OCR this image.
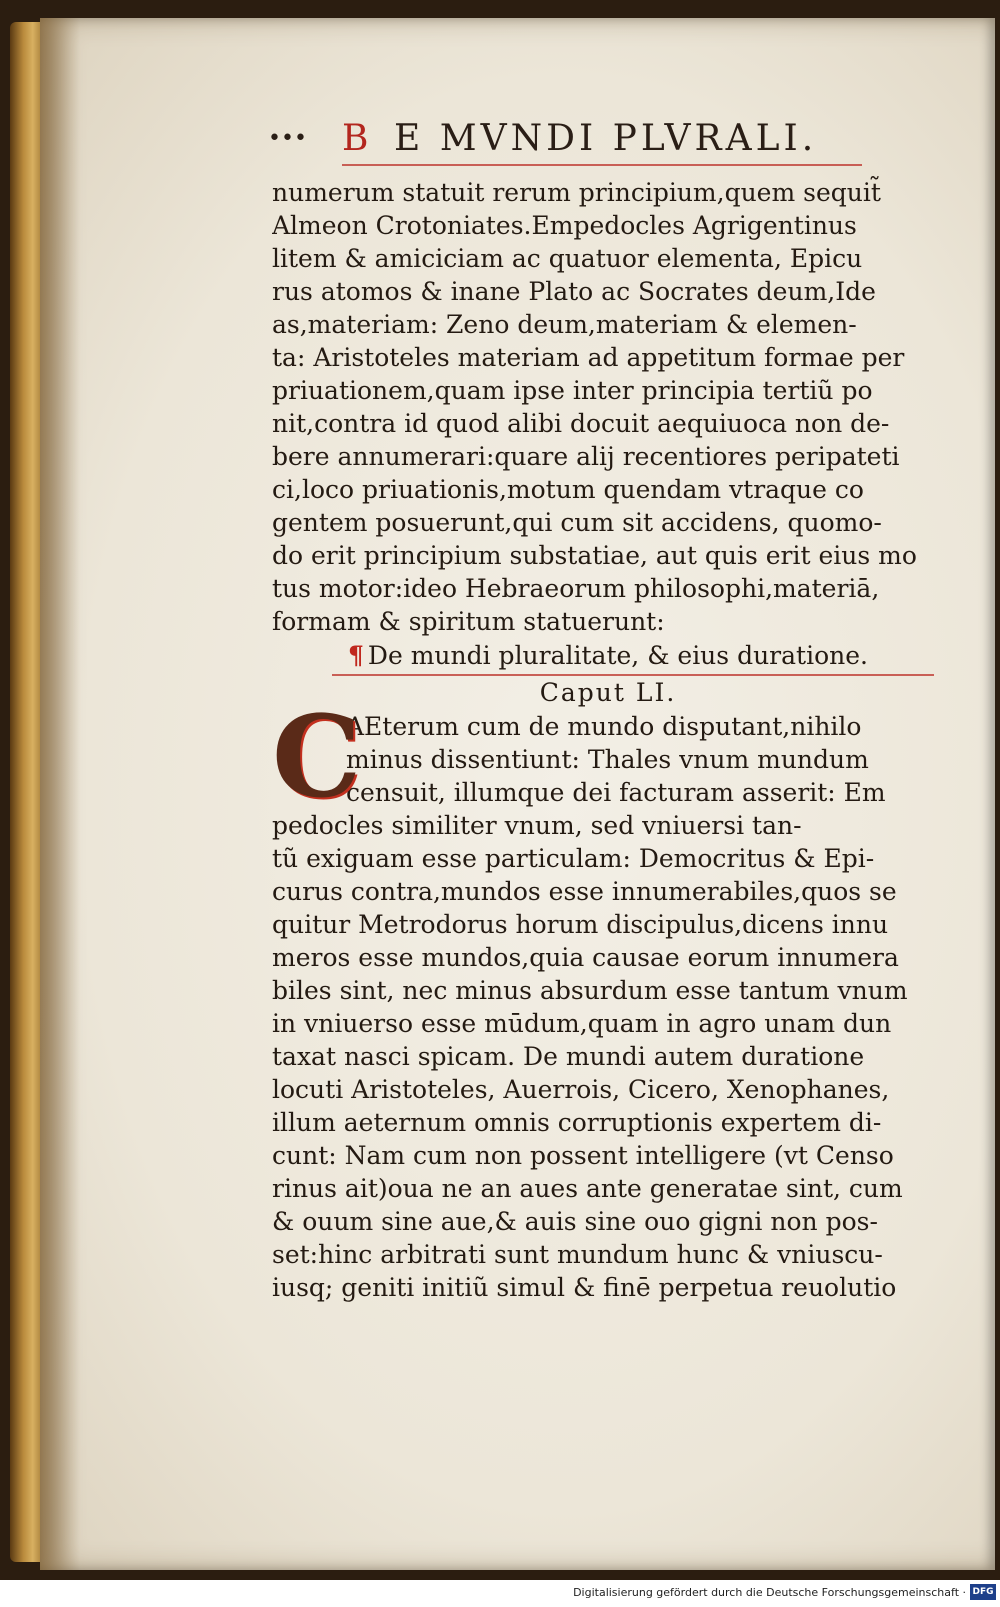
••• B E MVNDI PLVRALI.
numerum statuit rerum principium,quem sequit̃
Almeon Crotoniates.Empedocles Agrigentinus
litem & amiciciam ac quatuor elementa, Epicu
rus atomos & inane Plato ac Socrates deum,Ide
as,materiam: Zeno deum,materiam & elemen-
ta: Aristoteles materiam ad appetitum formae per
priuationem,quam ipse inter principia tertiũ po
nit,contra id quod alibi docuit aequiuoca non de-
bere annumerari:quare alij recentiores peripateti
ci,loco priuationis,motum quendam vtraque co
gentem posuerunt,qui cum sit accidens, quomo-
do erit principium substatiae, aut quis erit eius mo
tus motor:ideo Hebraeorum philosophi,materiā,
formam & spiritum statuerunt:
¶ De mundi pluralitate, & eius duratione.
Caput LI.
C
AEterum cum de mundo disputant,nihilo
minus dissentiunt: Thales vnum mundum
censuit, illumque dei facturam asserit: Em
pedocles similiter vnum, sed vniuersi tan-
tũ exiguam esse particulam: Democritus & Epi-
curus contra,mundos esse innumerabiles,quos se
quitur Metrodorus horum discipulus,dicens innu
meros esse mundos,quia causae eorum innumera
biles sint, nec minus absurdum esse tantum vnum
in vniuerso esse mūdum,quam in agro unam dun
taxat nasci spicam. De mundi autem duratione
locuti Aristoteles, Auerrois, Cicero, Xenophanes,
illum aeternum omnis corruptionis expertem di-
cunt: Nam cum non possent intelligere (vt Censo
rinus ait)oua ne an aues ante generatae sint, cum
& ouum sine aue,& auis sine ouo gigni non pos-
set:hinc arbitrati sunt mundum hunc & vniuscu-
iusq; geniti initiũ simul & finē perpetua reuolutio
Digitalisierung gefördert durch die Deutsche Forschungsgemeinschaft · DFG
